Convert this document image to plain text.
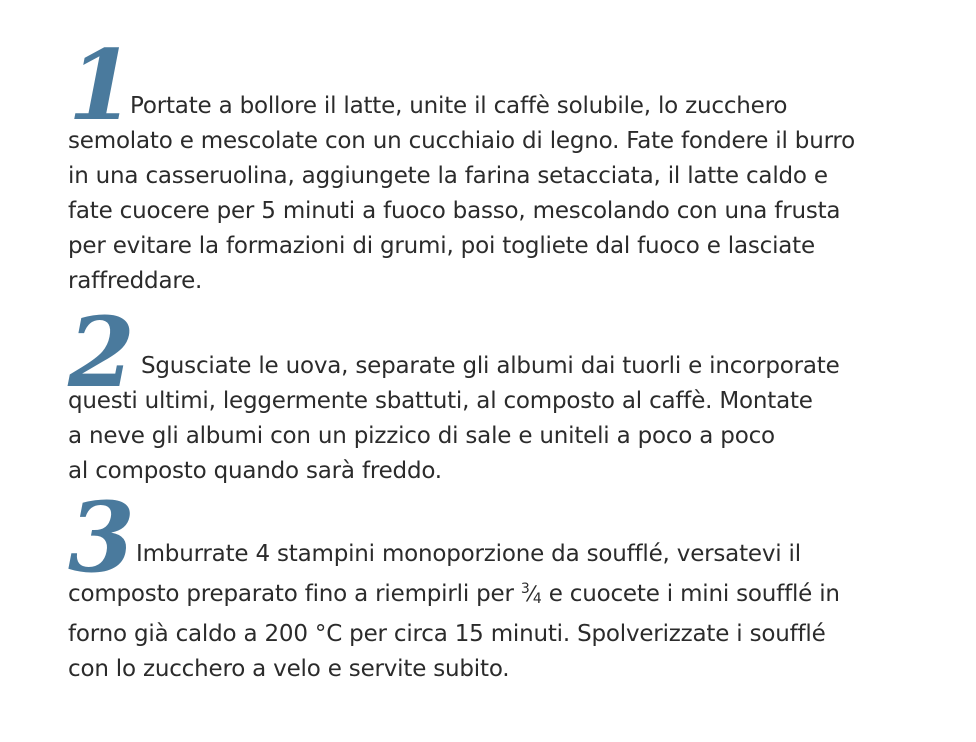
1

Portate a bollore il latte, unite il caffè solubile, lo zucchero
semolato e mescolate con un cucchiaio di legno. Fate fondere il burro
in una casseruolina, aggiungete la farina setacciata, il latte caldo e
fate cuocere per 5 minuti a fuoco basso, mescolando con una frusta
per evitare la formazioni di grumi, poi togliete dal fuoco e lasciate
raffreddare.

2 Sgusciate le uova, separate gli albumi dai tuorli e incorporate
questi ultimi, leggermente sbattuti, al composto al caffè. Montate
a neve gli albumi con un pizzico di sale e uniteli a poco a poco
al composto quando sarà freddo.

3 Imburrate 4 stampini monoporzione da soufflé, versatevi il
composto preparato fino a riempirli per $^3⁄_4$ e cuocete i mini soufflé in
forno già caldo a 200 °C per circa 15 minuti. Spolverizzate i soufflé
con lo zucchero a velo e servite subito.
